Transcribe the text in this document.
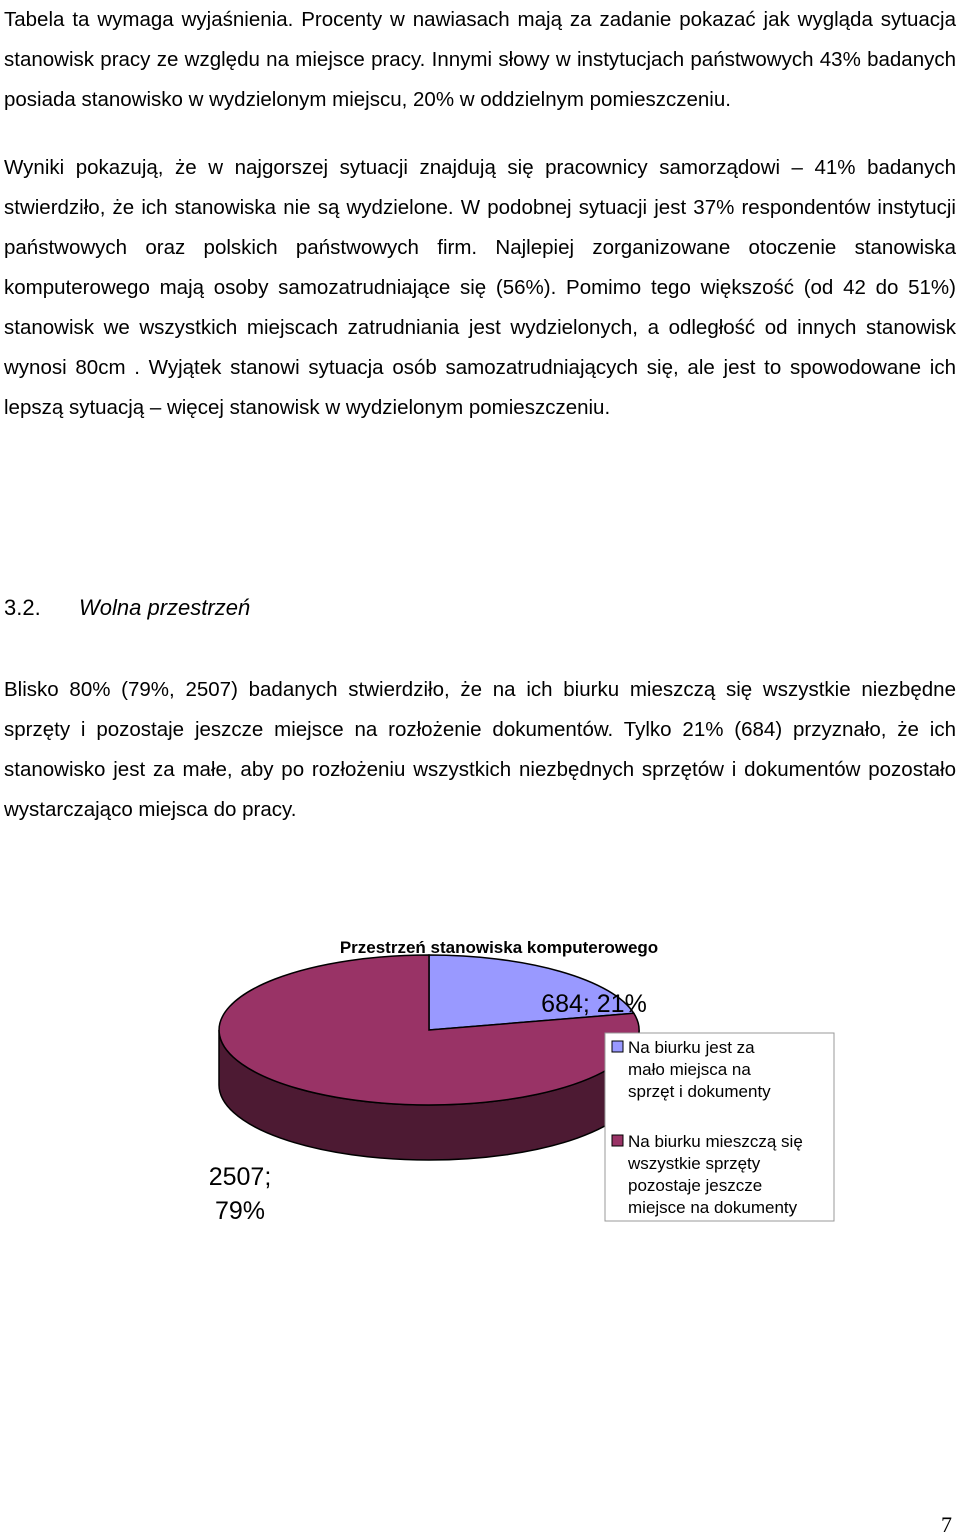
Tabela ta wymaga wyjaśnienia. Procenty w nawiasach mają za zadanie pokazać jak wygląda sytuacja stanowisk pracy ze względu na miejsce pracy. Innymi słowy w instytucjach państwowych 43% badanych posiada stanowisko w wydzielonym miejscu, 20% w oddzielnym pomieszczeniu.

Wyniki pokazują, że w najgorszej sytuacji znajdują się pracownicy samorządowi – 41% badanych stwierdziło, że ich stanowiska nie są wydzielone. W podobnej sytuacji jest 37% respondentów instytucji państwowych oraz polskich państwowych firm. Najlepiej zorganizowane otoczenie stanowiska komputerowego mają osoby samozatrudniające się (56%). Pomimo tego większość (od 42 do 51%) stanowisk we wszystkich miejscach zatrudniania jest wydzielonych, a odległość od innych stanowisk wynosi 80cm . Wyjątek stanowi sytuacja osób samozatrudniających się, ale jest to spowodowane ich lepszą sytuacją – więcej stanowisk w wydzielonym pomieszczeniu.

3.2. Wolna przestrzeń

Blisko 80% (79%, 2507) badanych stwierdziło, że na ich biurku mieszczą się wszystkie niezbędne sprzęty i pozostaje jeszcze miejsce na rozłożenie dokumentów. Tylko 21% (684) przyznało, że ich stanowisko jest za małe, aby po rozłożeniu wszystkich niezbędnych sprzętów i dokumentów pozostało wystarczająco miejsca do pracy.

Przestrzeń stanowiska komputerowego
684; 21%
2507;
79%
Na biurku jest za mało miejsca na sprzęt i dokumenty
Na biurku mieszczą się wszystkie sprzęty pozostaje jeszcze miejsce na dokumenty
7
